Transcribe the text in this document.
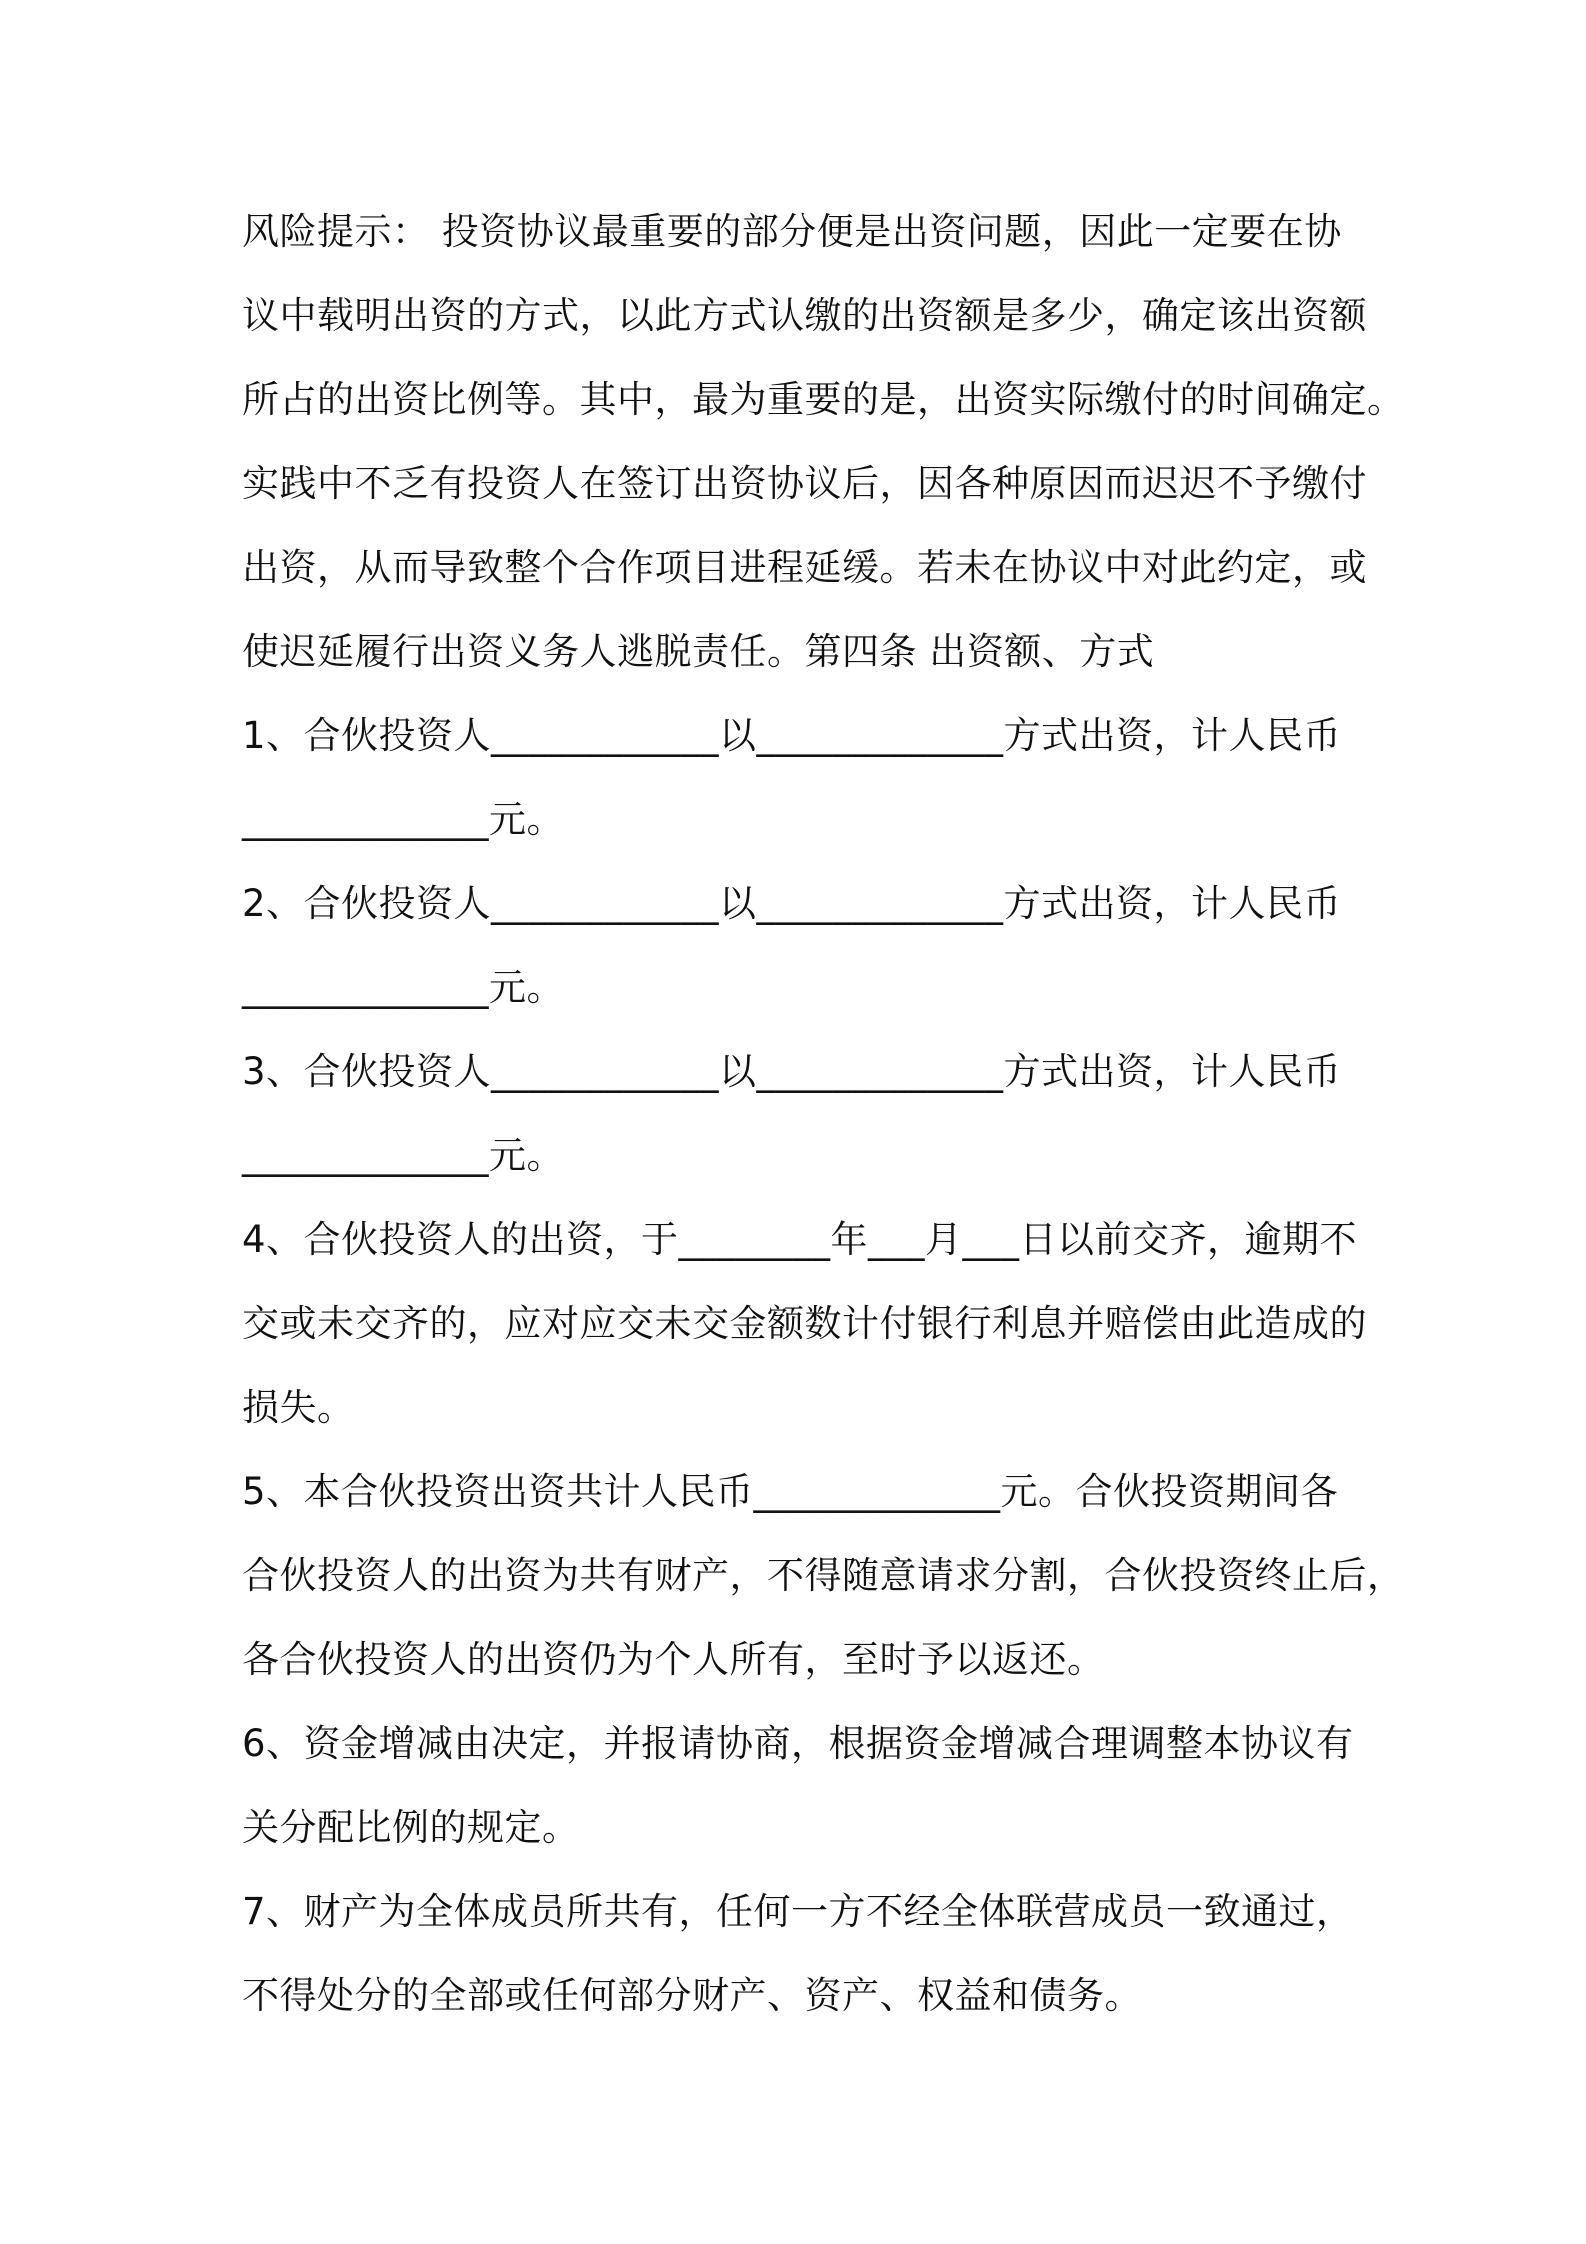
风险提示： 投资协议最重要的部分便是出资问题，因此一定要在协
议中载明出资的方式，以此方式认缴的出资额是多少，确定该出资额
所占的出资比例等。其中，最为重要的是，出资实际缴付的时间确定。
实践中不乏有投资人在签订出资协议后，因各种原因而迟迟不予缴付
出资，从而导致整个合作项目进程延缓。若未在协议中对此约定，或
使迟延履行出资义务人逃脱责任。第四条 出资额、方式
1、合伙投资人____________以_____________方式出资，计人民币
_____________元。
2、合伙投资人____________以_____________方式出资，计人民币
_____________元。
3、合伙投资人____________以_____________方式出资，计人民币
_____________元。
4、合伙投资人的出资，于________年___月___日以前交齐，逾期不
交或未交齐的，应对应交未交金额数计付银行利息并赔偿由此造成的
损失。
5、本合伙投资出资共计人民币_____________元。合伙投资期间各
合伙投资人的出资为共有财产，不得随意请求分割，合伙投资终止后，
各合伙投资人的出资仍为个人所有，至时予以返还。
6、资金增减由决定，并报请协商，根据资金增减合理调整本协议有
关分配比例的规定。
7、财产为全体成员所共有，任何一方不经全体联营成员一致通过，
不得处分的全部或任何部分财产、资产、权益和债务。
